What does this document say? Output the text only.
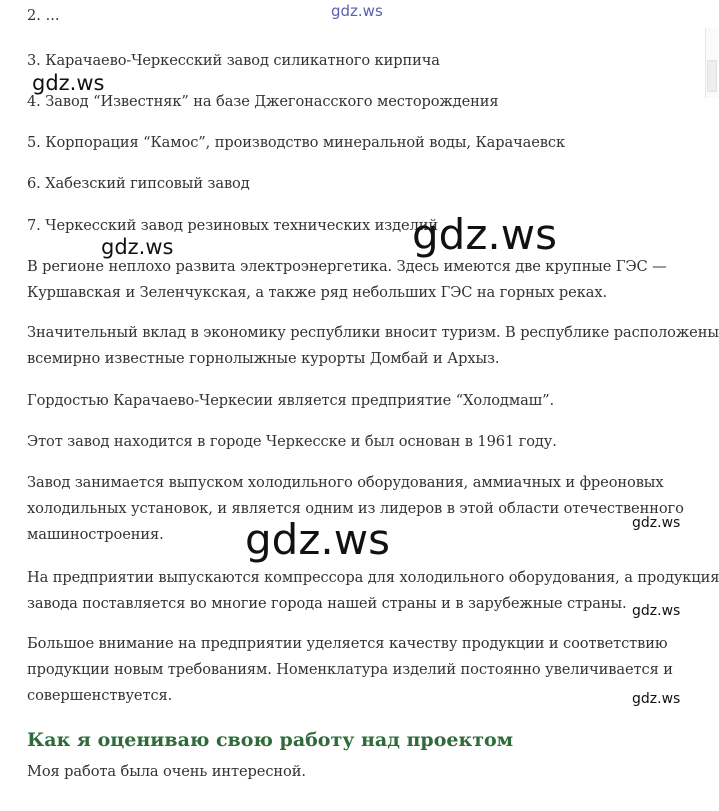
2. ...

3. Карачаево-Черкесский завод силикатного кирпича

4. Завод “Известняк” на базе Джегонасского месторождения

5. Корпорация “Камос”, производство минеральной воды, Карачаевск

6. Хабезский гипсовый завод

7. Черкесский завод резиновых технических изделий

В регионе неплохо развита электроэнергетика. Здесь имеются две крупные ГЭС —

Куршавская и Зеленчукская, а также ряд небольших ГЭС на горных реках.

Значительный вклад в экономику республики вносит туризм. В республике расположены

всемирно известные горнолыжные курорты Домбай и Архыз.

Гордостью Карачаево-Черкесии является предприятие “Холодмаш”.

Этот завод находится в городе Черкесске и был основан в 1961 году.

Завод занимается выпуском холодильного оборудования, аммиачных и фреоновых

холодильных установок, и является одним из лидеров в этой области отечественного

машиностроения.

На предприятии выпускаются компрессора для холодильного оборудования, а продукция

завода поставляется во многие города нашей страны и в зарубежные страны.

Большое внимание на предприятии уделяется качеству продукции и соответствию

продукции новым требованиям. Номенклатура изделий постоянно увеличивается и

совершенствуется.

Как я оцениваю свою работу над проектом

Моя работа была очень интересной.

gdz.ws
gdz.ws
gdz.ws	gdz.ws
gdz.ws	gdz.ws
gdz.ws
gdz.ws
